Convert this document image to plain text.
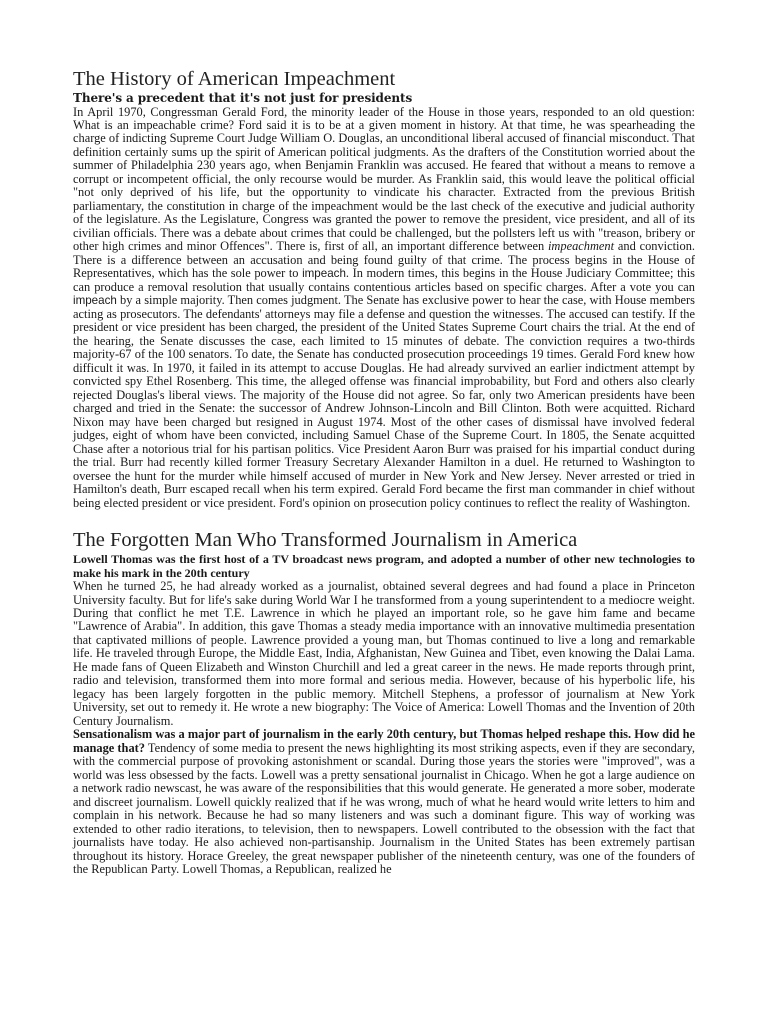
The History of American Impeachment
There's a precedent that it's not just for presidents

In April 1970, Congressman Gerald Ford, the minority leader of the House in those years, responded to an old question: What is an impeachable crime? Ford said it is to be at a given moment in history. At that time, he was spearheading the charge of indicting Supreme Court Judge William O. Douglas, an unconditional liberal accused of financial misconduct. That definition certainly sums up the spirit of American political judgments. As the drafters of the Constitution worried about the summer of Philadelphia 230 years ago, when Benjamin Franklin was accused. He feared that without a means to remove a corrupt or incompetent official, the only recourse would be murder. As Franklin said, this would leave the political official "not only deprived of his life, but the opportunity to vindicate his character. Extracted from the previous British parliamentary, the constitution in charge of the impeachment would be the last check of the executive and judicial authority of the legislature. As the Legislature, Congress was granted the power to remove the president, vice president, and all of its civilian officials. There was a debate about crimes that could be challenged, but the pollsters left us with "treason, bribery or other high crimes and minor Offences". There is, first of all, an important difference between impeachment and conviction. There is a difference between an accusation and being found guilty of that crime. The process begins in the House of Representatives, which has the sole power to impeach. In modern times, this begins in the House Judiciary Committee; this can produce a removal resolution that usually contains contentious articles based on specific charges. After a vote you can impeach by a simple majority. Then comes judgment. The Senate has exclusive power to hear the case, with House members acting as prosecutors. The defendants' attorneys may file a defense and question the witnesses. The accused can testify. If the president or vice president has been charged, the president of the United States Supreme Court chairs the trial. At the end of the hearing, the Senate discusses the case, each limited to 15 minutes of debate. The conviction requires a two-thirds majority-67 of the 100 senators. To date, the Senate has conducted prosecution proceedings 19 times. Gerald Ford knew how difficult it was. In 1970, it failed in its attempt to accuse Douglas. He had already survived an earlier indictment attempt by convicted spy Ethel Rosenberg. This time, the alleged offense was financial improbability, but Ford and others also clearly rejected Douglas's liberal views. The majority of the House did not agree. So far, only two American presidents have been charged and tried in the Senate: the successor of Andrew Johnson-Lincoln and Bill Clinton. Both were acquitted. Richard Nixon may have been charged but resigned in August 1974. Most of the other cases of dismissal have involved federal judges, eight of whom have been convicted, including Samuel Chase of the Supreme Court. In 1805, the Senate acquitted Chase after a notorious trial for his partisan politics. Vice President Aaron Burr was praised for his impartial conduct during the trial. Burr had recently killed former Treasury Secretary Alexander Hamilton in a duel. He returned to Washington to oversee the hunt for the murder while himself accused of murder in New York and New Jersey. Never arrested or tried in Hamilton's death, Burr escaped recall when his term expired. Gerald Ford became the first man commander in chief without being elected president or vice president. Ford's opinion on prosecution policy continues to reflect the reality of Washington.

The Forgotten Man Who Transformed Journalism in America
Lowell Thomas was the first host of a TV broadcast news program, and adopted a number of other new technologies to make his mark in the 20th century

When he turned 25, he had already worked as a journalist, obtained several degrees and had found a place in Princeton University faculty. But for life's sake during World War I he transformed from a young superintendent to a mediocre weight. During that conflict he met T.E. Lawrence in which he played an important role, so he gave him fame and became "Lawrence of Arabia". In addition, this gave Thomas a steady media importance with an innovative multimedia presentation that captivated millions of people. Lawrence provided a young man, but Thomas continued to live a long and remarkable life. He traveled through Europe, the Middle East, India, Afghanistan, New Guinea and Tibet, even knowing the Dalai Lama. He made fans of Queen Elizabeth and Winston Churchill and led a great career in the news. He made reports through print, radio and television, transformed them into more formal and serious media. However, because of his hyperbolic life, his legacy has been largely forgotten in the public memory. Mitchell Stephens, a professor of journalism at New York University, set out to remedy it. He wrote a new biography: The Voice of America: Lowell Thomas and the Invention of 20th Century Journalism.

Sensationalism was a major part of journalism in the early 20th century, but Thomas helped reshape this. How did he manage that? Tendency of some media to present the news highlighting its most striking aspects, even if they are secondary, with the commercial purpose of provoking astonishment or scandal. During those years the stories were "improved", was a world was less obsessed by the facts. Lowell was a pretty sensational journalist in Chicago. When he got a large audience on a network radio newscast, he was aware of the responsibilities that this would generate. He generated a more sober, moderate and discreet journalism. Lowell quickly realized that if he was wrong, much of what he heard would write letters to him and complain in his network. Because he had so many listeners and was such a dominant figure. This way of working was extended to other radio iterations, to television, then to newspapers. Lowell contributed to the obsession with the fact that journalists have today. He also achieved non-partisanship. Journalism in the United States has been extremely partisan throughout its history. Horace Greeley, the great newspaper publisher of the nineteenth century, was one of the founders of the Republican Party. Lowell Thomas, a Republican, realized he
